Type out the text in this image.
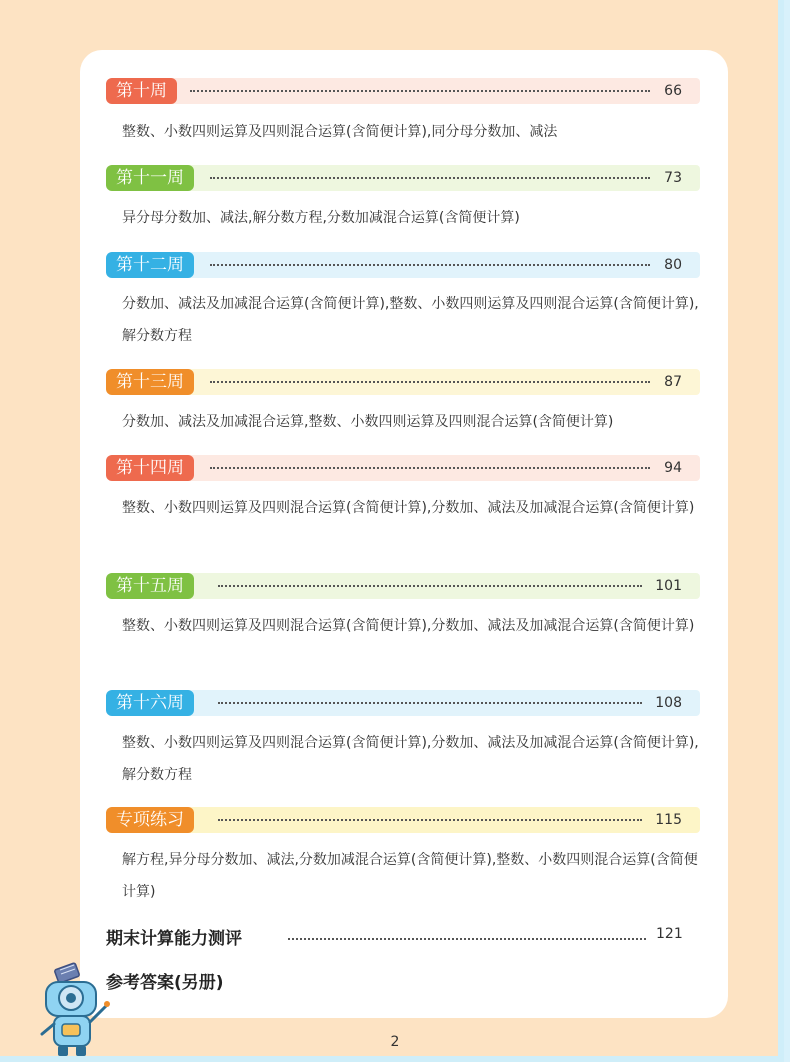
第十周	66
整数、小数四则运算及四则混合运算(含简便计算),同分母分数加、减法
第十一周	73
异分母分数加、减法,解分数方程,分数加减混合运算(含简便计算)
第十二周	80
分数加、减法及加减混合运算(含简便计算),整数、小数四则运算及四则混合运算(含简便计算),解分数方程
第十三周	87
分数加、减法及加减混合运算,整数、小数四则运算及四则混合运算(含简便计算)
第十四周	94
整数、小数四则运算及四则混合运算(含简便计算),分数加、减法及加减混合运算(含简便计算)
第十五周	101
整数、小数四则运算及四则混合运算(含简便计算),分数加、减法及加减混合运算(含简便计算)
第十六周	108
整数、小数四则运算及四则混合运算(含简便计算),分数加、减法及加减混合运算(含简便计算),解分数方程
专项练习	115
解方程,异分母分数加、减法,分数加减混合运算(含简便计算),整数、小数四则混合运算(含简便计算)
期末计算能力测评	121
参考答案(另册)
2
